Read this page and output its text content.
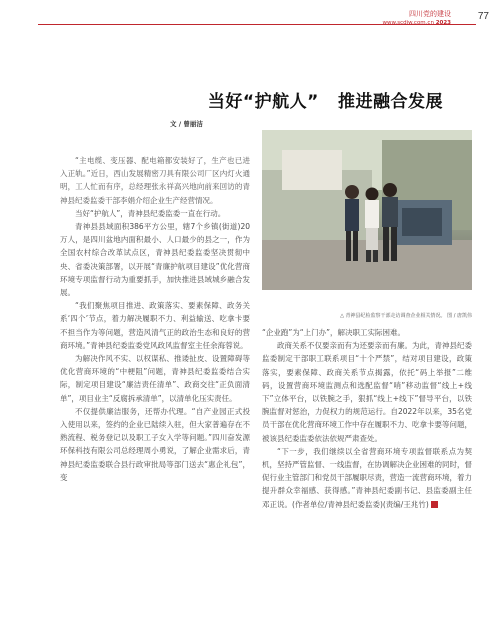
四川党的建设
www.scdjw.com.cn 2023
77
当好“护航人”   推进融合发展
文 / 曾丽洁

“主电缆、变压器、配电箱都安装好了，生产也已进入正轨。”近日，西山发展精密刀具有限公司厂区内灯火通明，工人忙而有序，总经理张永祥高兴地向前来回访的青神县纪委监委干部李娟介绍企业生产经营情况。

当好“护航人”，青神县纪委监委一直在行动。

青神县县域面积386平方公里，辖7个乡镇(街道)20万人，是四川盆地内面积最小、人口最少的县之一，作为全国农村综合改革试点区，青神县纪委监委坚决贯彻中央、省委决策部署，以开展“青廉护航项目建设”优化营商环境专项监督行动为重要抓手，加快推进县域城乡融合发展。

“我们聚焦项目推进、政策落实、要素保障、政务关系‘四个’节点，着力解决履职不力、利益输送、吃拿卡要不担当作为等问题，营造风清气正的政治生态和良好的营商环境。”青神县纪委监委党风政风监督室主任余海蓉说。

为解决作风不实、以权谋私、推诿扯皮、设置障碍等优化营商环境的“中梗阻”问题，青神县纪委监委结合实际，制定项目建设“廉洁责任清单”、政商交往“正负面清单”，项目业主“反腐拆承清单”，以清单化压实责任。

不仅提供廉洁服务，还帮办代理。“自产业园正式投入使用以来，签约的企业已陆续入驻，但大家普遍存在不熟流程、税务登记以及职工子女入学等问题。”四川奋发源环保科技有限公司总经理周小勇说，了解企业需求后，青神县纪委监委联合县行政审批局等部门送去“惠企礼包”，变

△ 青神县纪检监察干部走访调查企业相关情况。 图 / 唐凯伟

“企业跑”为“上门办”，解决职工实际困难。

政商关系不仅要亲而有为还要亲而有廉。为此，青神县纪委监委制定干部职工联系项目“十个严禁”，结对项目建设，政策落实，要素保障、政商关系节点揭露，依托“码上举报”二维码，设置营商环境监测点和选配监督“哨”移动监督“线上+线下”立体平台，以铁腕之手，狠抓“线上+线下”督导平台，以铁腕监督对惩治，力促权力的规范运行。自2022年以来，35名党员干部在优化营商环境工作中存在履职不力、吃拿卡要等问题，被该县纪委监委依法依规严肃查处。

“下一步，我们继续以全省营商环境专项监督联系点为契机，坚持严管监督、一线监督，在协调解决企业困难的同时，督促行业主管部门和党员干部履职尽责，营造一流营商环境，着力提升群众幸福感、获得感。”青神县纪委副书记、县监委副主任邓正说。(作者单位/青神县纪委监委)(责编/王兆竹)
